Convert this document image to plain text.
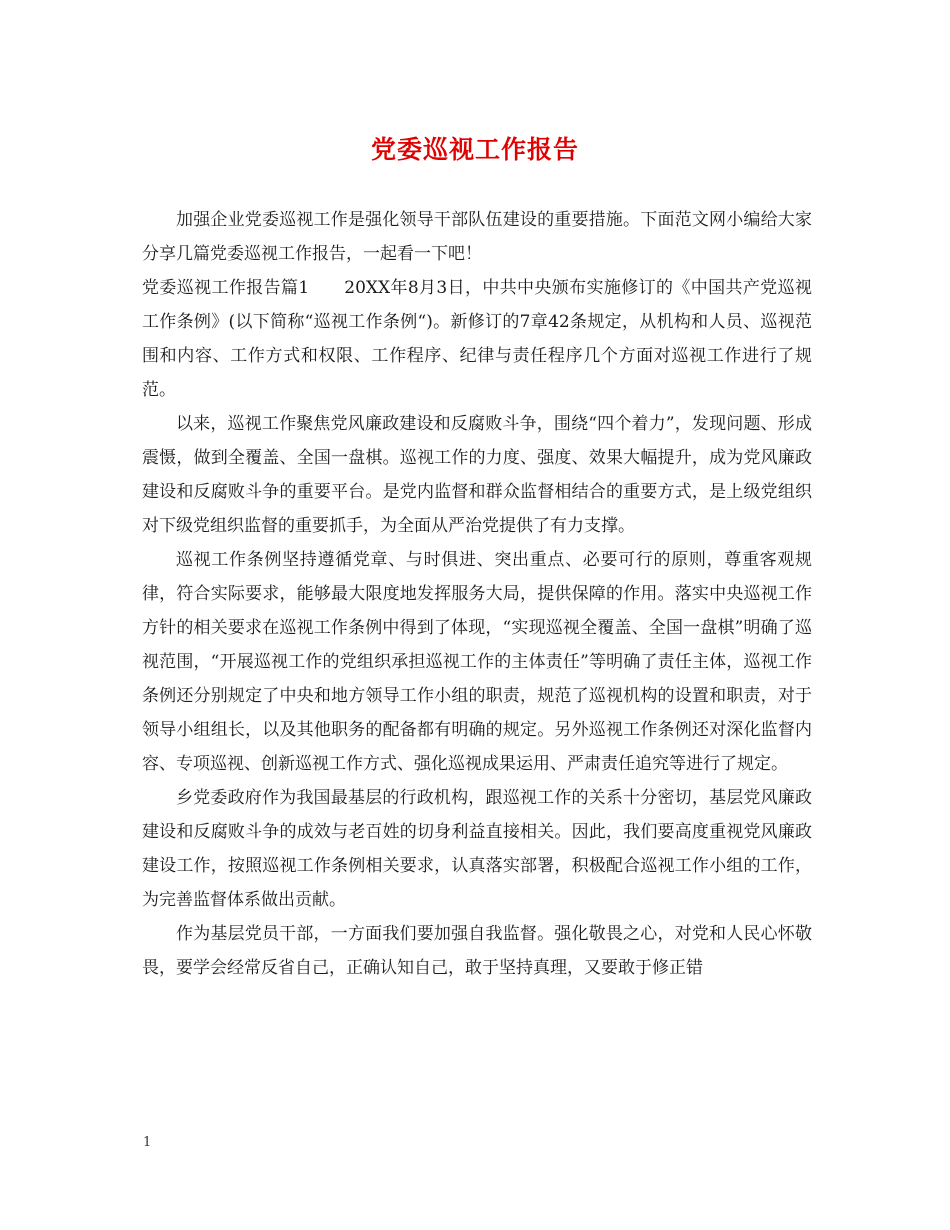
党委巡视工作报告

加强企业党委巡视工作是强化领导干部队伍建设的重要措施。下面范文网小编给大家分享几篇党委巡视工作报告，一起看一下吧！

党委巡视工作报告篇1　　20XX年8月3日，中共中央颁布实施修订的《中国共产党巡视工作条例》(以下简称“巡视工作条例“)。新修订的7章42条规定，从机构和人员、巡视范围和内容、工作方式和权限、工作程序、纪律与责任程序几个方面对巡视工作进行了规范。

以来，巡视工作聚焦党风廉政建设和反腐败斗争，围绕“四个着力”，发现问题、形成震慑，做到全覆盖、全国一盘棋。巡视工作的力度、强度、效果大幅提升，成为党风廉政建设和反腐败斗争的重要平台。是党内监督和群众监督相结合的重要方式，是上级党组织对下级党组织监督的重要抓手，为全面从严治党提供了有力支撑。

巡视工作条例坚持遵循党章、与时俱进、突出重点、必要可行的原则，尊重客观规律，符合实际要求，能够最大限度地发挥服务大局，提供保障的作用。落实中央巡视工作方针的相关要求在巡视工作条例中得到了体现，“实现巡视全覆盖、全国一盘棋”明确了巡视范围，“开展巡视工作的党组织承担巡视工作的主体责任”等明确了责任主体，巡视工作条例还分别规定了中央和地方领导工作小组的职责，规范了巡视机构的设置和职责，对于领导小组组长，以及其他职务的配备都有明确的规定。另外巡视工作条例还对深化监督内容、专项巡视、创新巡视工作方式、强化巡视成果运用、严肃责任追究等进行了规定。

乡党委政府作为我国最基层的行政机构，跟巡视工作的关系十分密切，基层党风廉政建设和反腐败斗争的成效与老百姓的切身利益直接相关。因此，我们要高度重视党风廉政建设工作，按照巡视工作条例相关要求，认真落实部署，积极配合巡视工作小组的工作，为完善监督体系做出贡献。

作为基层党员干部，一方面我们要加强自我监督。强化敬畏之心，对党和人民心怀敬畏，要学会经常反省自己，正确认知自己，敢于坚持真理，又要敢于修正错

1
